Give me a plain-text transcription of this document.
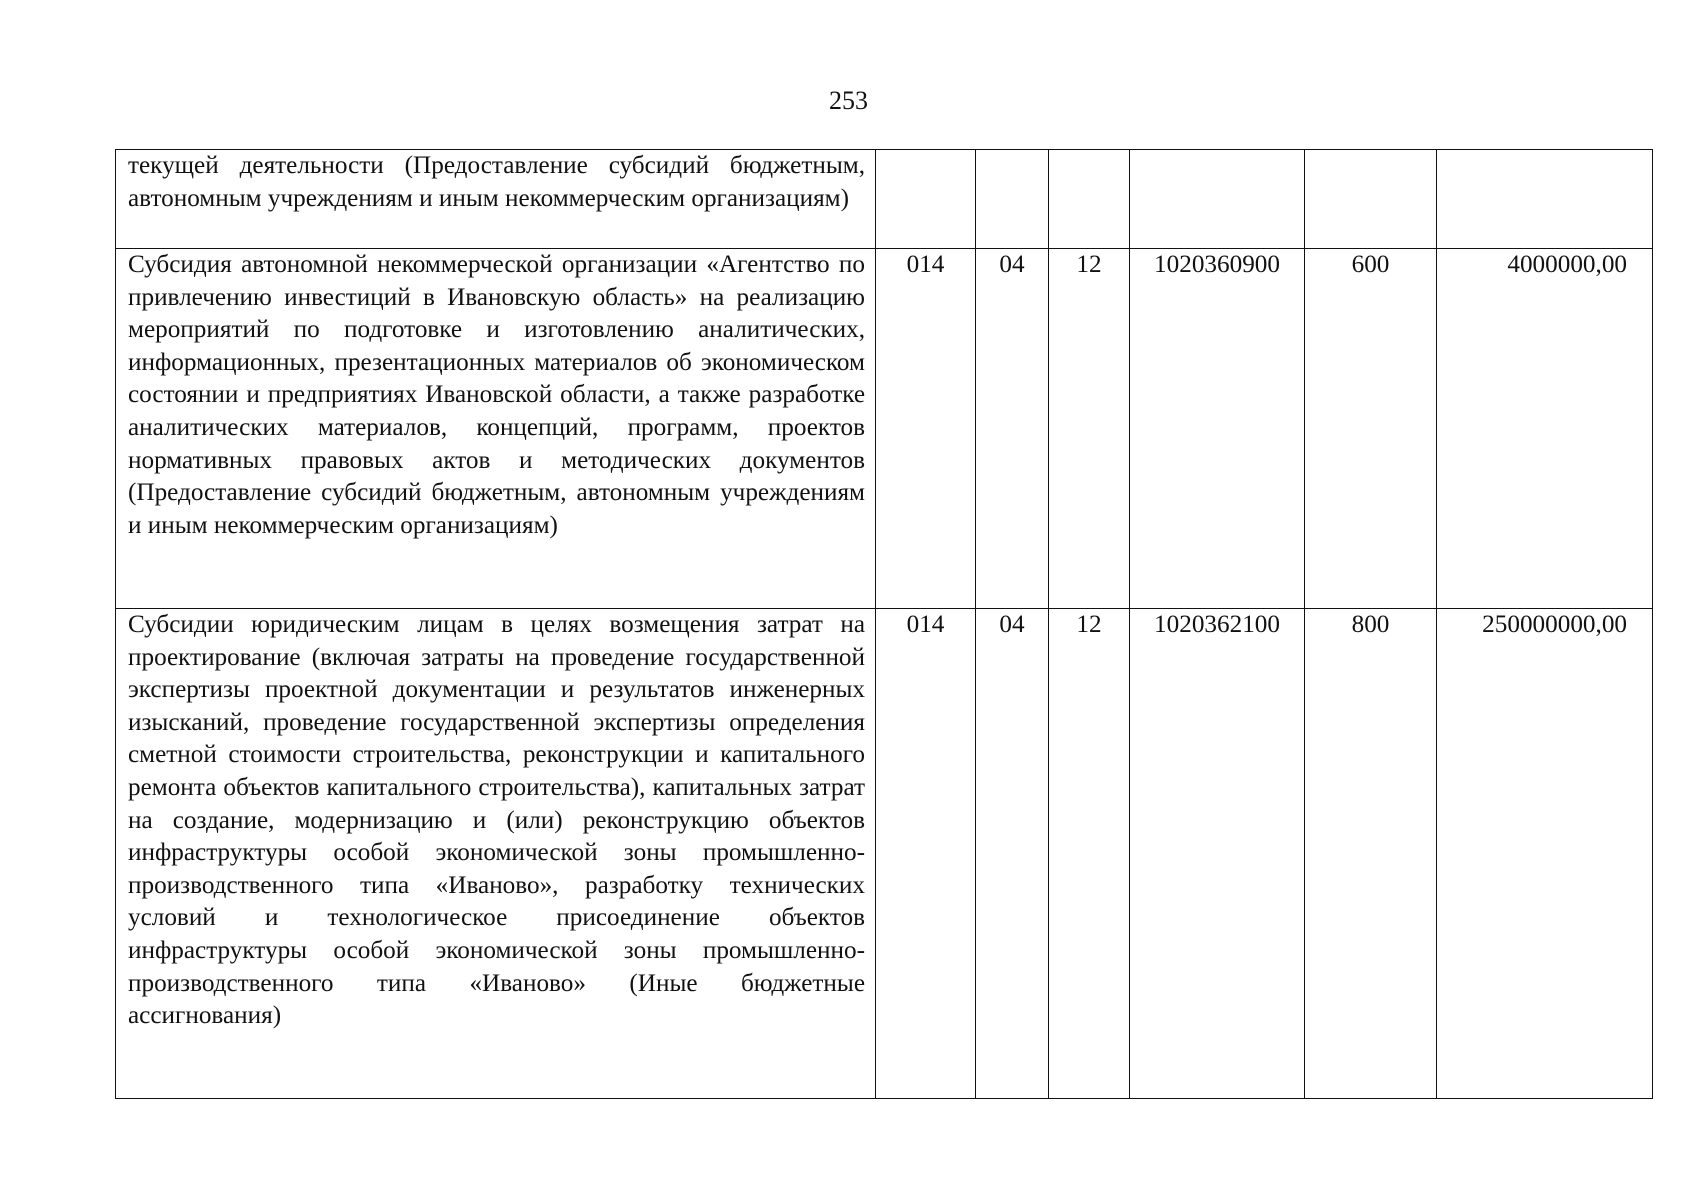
253
текущей деятельности (Предоставление субсидий бюджетным, автономным учреждениям и иным некоммерческим организациям)						
Субсидия автономной некоммерческой организации «Агентство по привлечению инвестиций в Ивановскую область» на реализацию мероприятий по подготовке и изготовлению аналитических, информационных, презентационных материалов об экономическом состоянии и предприятиях Ивановской области, а также разработке аналитических материалов, концепций, программ, проектов нормативных правовых актов и методических документов (Предоставление субсидий бюджетным, автономным учреждениям и иным некоммерческим организациям)	014	04	12	1020360900	600	4000000,00
Субсидии юридическим лицам в целях возмещения затрат на проектирование (включая затраты на проведение государственной экспертизы проектной документации и результатов инженерных изысканий, проведение государственной экспертизы определения сметной стоимости строительства, реконструкции и капитального ремонта объектов капитального строительства), капитальных затрат на создание, модернизацию и (или) реконструкцию объектов инфраструктуры особой экономической зоны промышленно-производственного типа «Иваново», разработку технических условий и технологическое присоединение объектов инфраструктуры особой экономической зоны промышленно-производственного типа «Иваново» (Иные бюджетные ассигнования)	014	04	12	1020362100	800	250000000,00
